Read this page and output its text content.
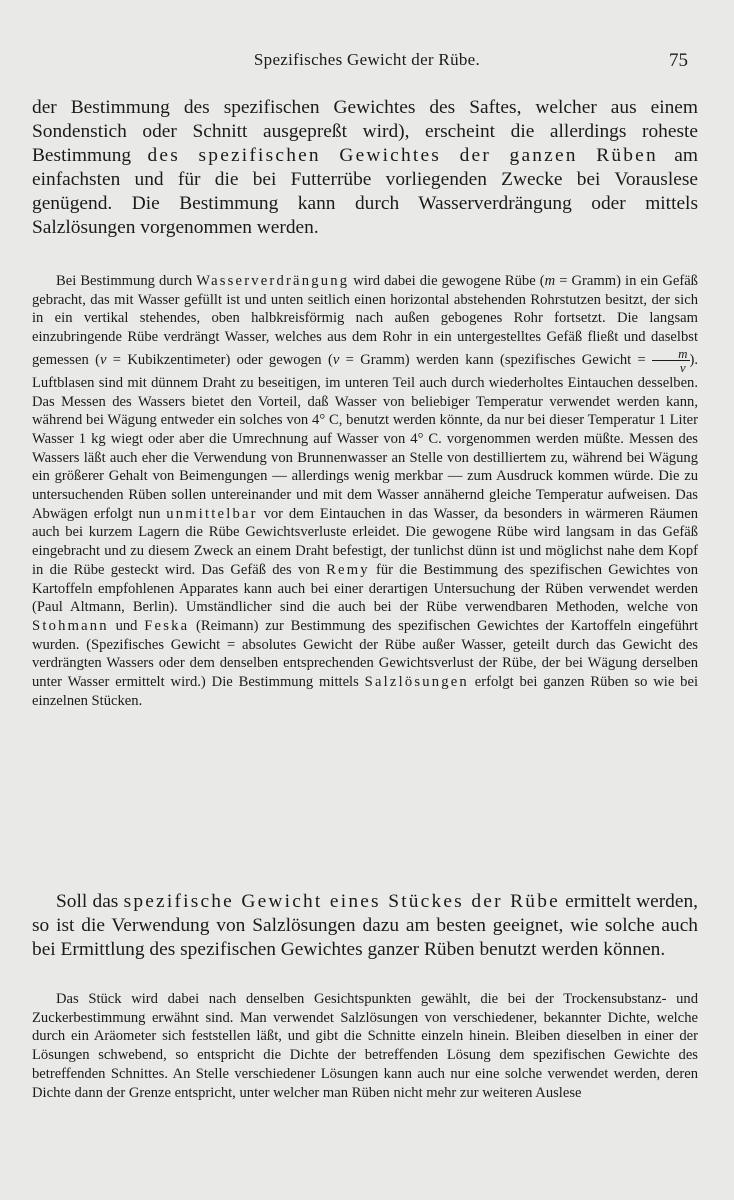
Spezifisches Gewicht der Rübe.	75

der Bestimmung des spezifischen Gewichtes des Saftes, welcher aus einem Sondenstich oder Schnitt ausgepreßt wird), erscheint die allerdings roheste Bestimmung des spezifischen Gewichtes der ganzen Rüben am einfachsten und für die bei Futterrübe vorliegenden Zwecke bei Vorauslese genügend. Die Bestimmung kann durch Wasserverdrängung oder mittels Salzlösungen vorgenommen werden.

Bei Bestimmung durch Wasserverdrängung wird dabei die gewogene Rübe (m = Gramm) in ein Gefäß gebracht, das mit Wasser gefüllt ist und unten seitlich einen horizontal abstehenden Rohrstutzen besitzt, der sich in ein vertikal stehendes, oben halbkreisförmig nach außen gebogenes Rohr fortsetzt. Die langsam einzubringende Rübe verdrängt Wasser, welches aus dem Rohr in ein untergestelltes Gefäß fließt und daselbst gemessen (v = Kubikzentimeter) oder gewogen (v = Gramm) werden kann (spezifisches Gewicht = $\frac{m}{v}$ ). Luftblasen sind mit dünnem Draht zu beseitigen, im unteren Teil auch durch wiederholtes Eintauchen desselben. Das Messen des Wassers bietet den Vorteil, daß Wasser von beliebiger Temperatur verwendet werden kann, während bei Wägung entweder ein solches von 4° C, benutzt werden könnte, da nur bei dieser Temperatur 1 Liter Wasser 1 kg wiegt oder aber die Umrechnung auf Wasser von 4° C. vorgenommen werden müßte. Messen des Wassers läßt auch eher die Verwendung von Brunnenwasser an Stelle von destilliertem zu, während bei Wägung ein größerer Gehalt von Beimengungen — allerdings wenig merkbar — zum Ausdruck kommen würde. Die zu untersuchenden Rüben sollen untereinander und mit dem Wasser annähernd gleiche Temperatur aufweisen. Das Abwägen erfolgt nun unmittelbar vor dem Eintauchen in das Wasser, da besonders in wärmeren Räumen auch bei kurzem Lagern die Rübe Gewichtsverluste erleidet. Die gewogene Rübe wird langsam in das Gefäß eingebracht und zu diesem Zweck an einem Draht befestigt, der tunlichst dünn ist und möglichst nahe dem Kopf in die Rübe gesteckt wird. Das Gefäß des von Remy für die Bestimmung des spezifischen Gewichtes von Kartoffeln empfohlenen Apparates kann auch bei einer derartigen Untersuchung der Rüben verwendet werden (Paul Altmann, Berlin). Umständlicher sind die auch bei der Rübe verwendbaren Methoden, welche von Stohmann und Feska (Reimann) zur Bestimmung des spezifischen Gewichtes der Kartoffeln eingeführt wurden. (Spezifisches Gewicht = absolutes Gewicht der Rübe außer Wasser, geteilt durch das Gewicht des verdrängten Wassers oder dem denselben entsprechenden Gewichtsverlust der Rübe, der bei Wägung derselben unter Wasser ermittelt wird.) Die Bestimmung mittels Salzlösungen erfolgt bei ganzen Rüben so wie bei einzelnen Stücken.

Soll das spezifische Gewicht eines Stückes der Rübe ermittelt werden, so ist die Verwendung von Salzlösungen dazu am besten geeignet, wie solche auch bei Ermittlung des spezifischen Gewichtes ganzer Rüben benutzt werden können.

Das Stück wird dabei nach denselben Gesichtspunkten gewählt, die bei der Trockensubstanz- und Zuckerbestimmung erwähnt sind. Man verwendet Salzlösungen von verschiedener, bekannter Dichte, welche durch ein Aräometer sich feststellen läßt, und gibt die Schnitte einzeln hinein. Bleiben dieselben in einer der Lösungen schwebend, so entspricht die Dichte der betreffenden Lösung dem spezifischen Gewichte des betreffenden Schnittes. An Stelle verschiedener Lösungen kann auch nur eine solche verwendet werden, deren Dichte dann der Grenze entspricht, unter welcher man Rüben nicht mehr zur weiteren Auslese
